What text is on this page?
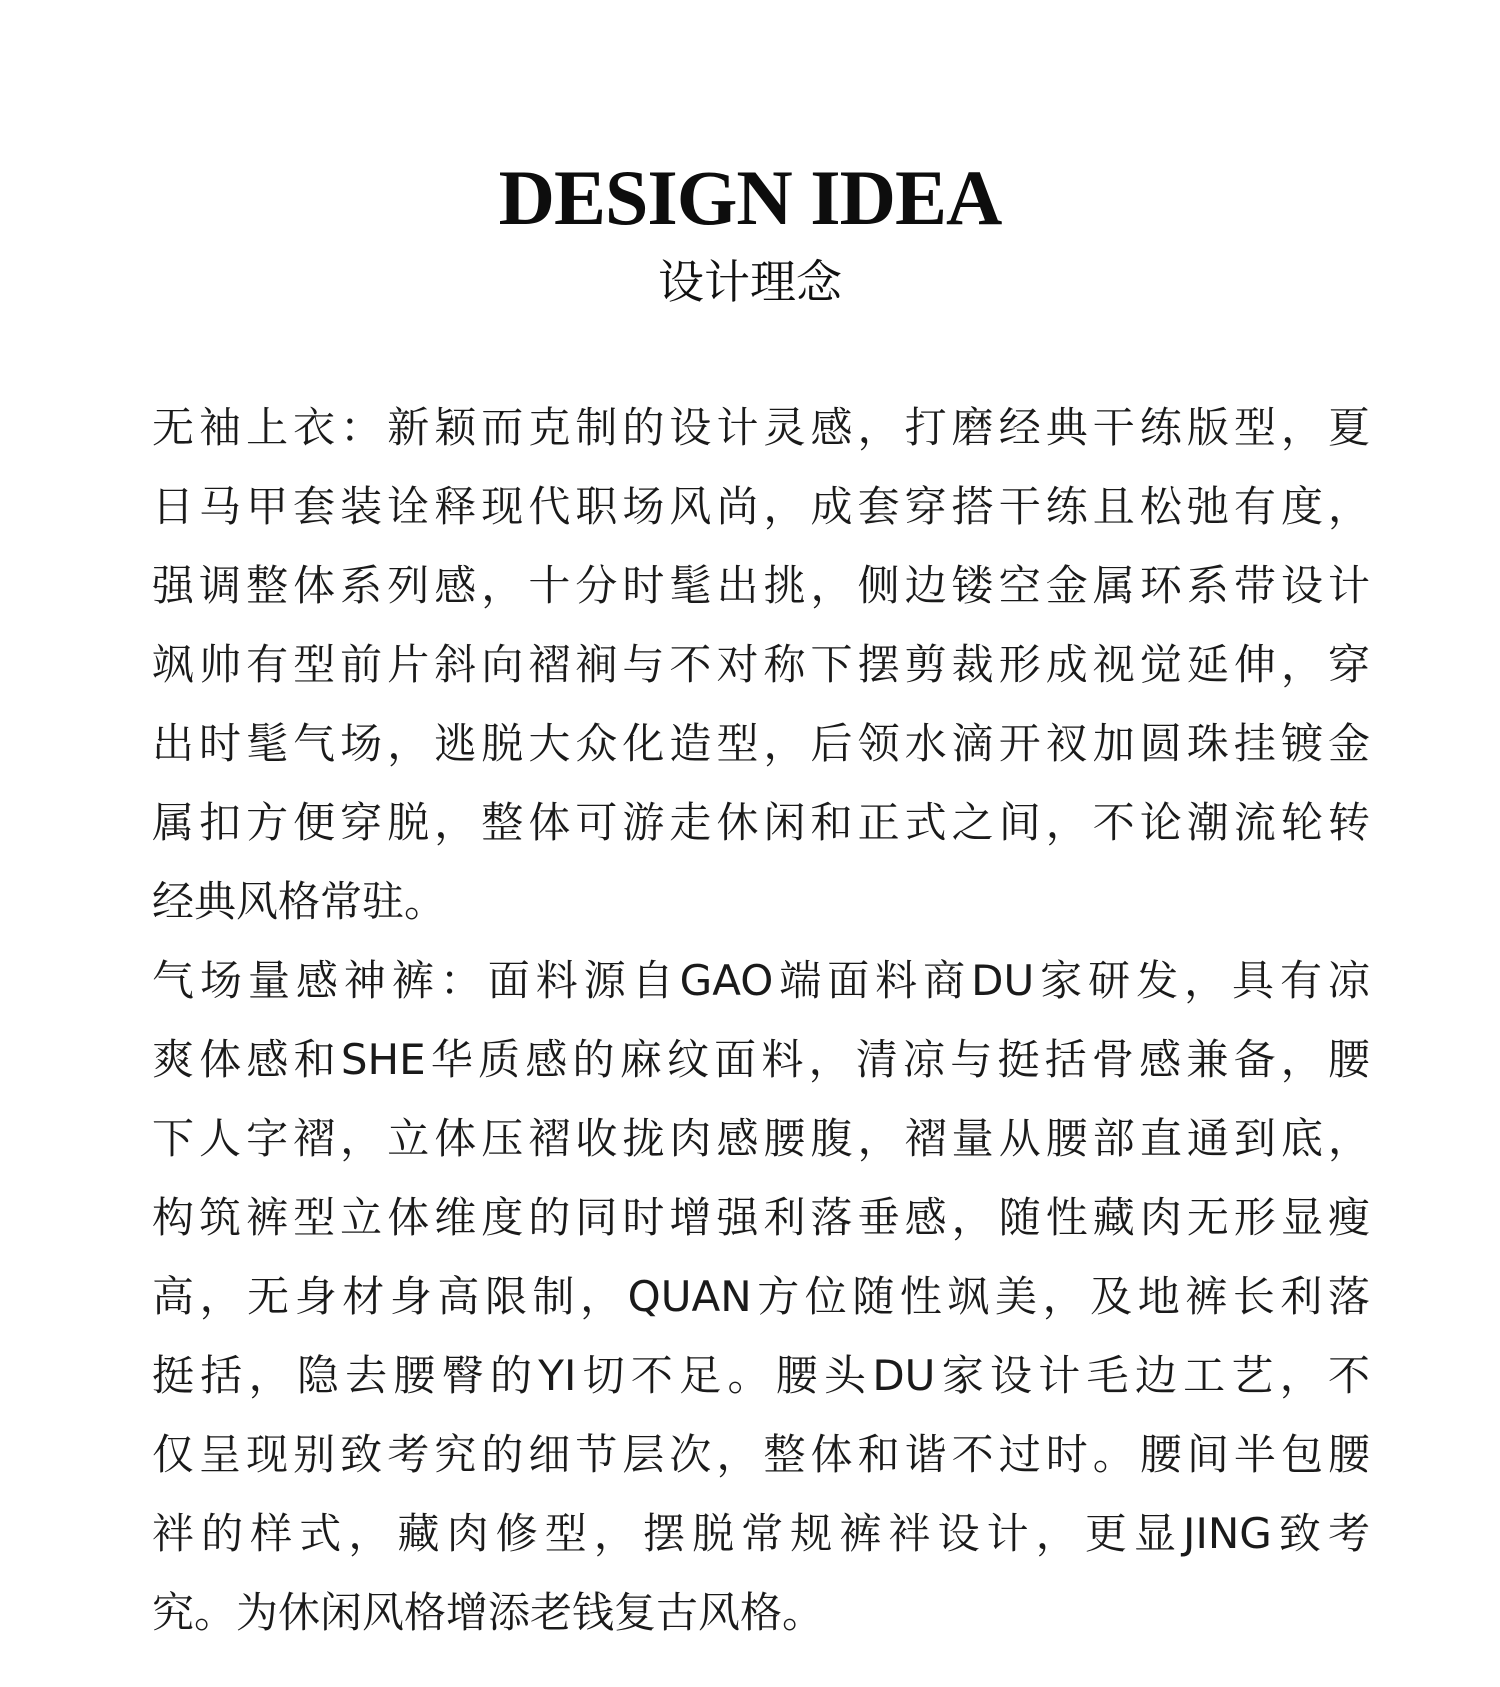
DESIGN IDEA
设计理念
无袖上衣：新颖而克制的设计灵感，打磨经典干练版型，夏
日马甲套装诠释现代职场风尚，成套穿搭干练且松弛有度，
强调整体系列感，十分时髦出挑，侧边镂空金属环系带设计
飒帅有型前片斜向褶裥与不对称下摆剪裁形成视觉延伸，穿
出时髦气场，逃脱大众化造型，后领水滴开衩加圆珠挂镀金
属扣方便穿脱，整体可游走休闲和正式之间，不论潮流轮转
经典风格常驻。
气场量感神裤：面料源自GAO端面料商DU家研发，具有凉
爽体感和SHE华质感的麻纹面料，清凉与挺括骨感兼备，腰
下人字褶，立体压褶收拢肉感腰腹，褶量从腰部直通到底，
构筑裤型立体维度的同时增强利落垂感，随性藏肉无形显瘦
高，无身材身高限制，QUAN方位随性飒美，及地裤长利落
挺括，隐去腰臀的YI切不足。腰头DU家设计毛边工艺，不
仅呈现别致考究的细节层次，整体和谐不过时。腰间半包腰
袢的样式，藏肉修型，摆脱常规裤袢设计，更显JING致考
究。为休闲风格增添老钱复古风格。
